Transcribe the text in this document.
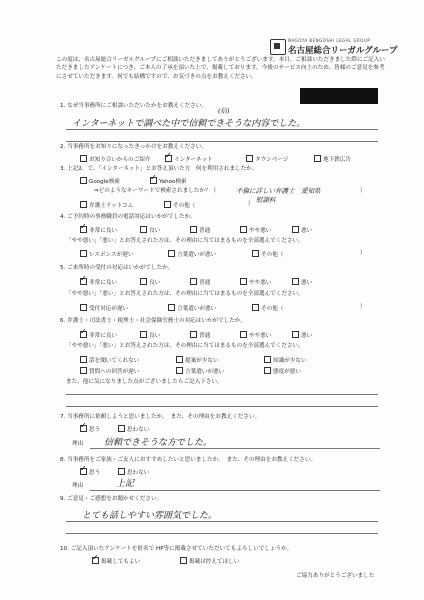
NAGOYA BENGOSHI LEGAL GROUP
名古屋総合リーガルグループ
この度は、名古屋総合リーガルグループにご相談いただきましてありがとうございます。本日、ご相談いただきました際にご記入いただきましたアンケートにつき、ご本人の了承を頂いた上で、掲載しております。今後のサービス向上のため、皆様のご意見を参考にさせていただきます。何でも結構ですので、お気づきの点をお教えください。
1. なぜ当事務所にご相談いただいたかをお教えください。
(信)
インターネットで調べた中で信頼できそうな内容でした。
2. 当事務所をお知りになったきっかけをお教えください。
お知り合いからのご紹介 ✓	インターネット	タウンページ	地下鉄広告
3. 上記2．で、「インターネット」とお答え頂いた方　何を利用されましたか。
Google検索 ✓	Yahoo検索
⇒どのようなキーワードで検索されましたか？（	不倫に詳しい弁護士　愛知県
慰謝料
）
弁護士ドットコム	その他（	）
4. ご予約時の事務職員の電話対応はいかがでしたか。
✓非常に良い	良い	普通	やや悪い	悪い
「やや悪い」「悪い」とお答えされた方は、その理由に当てはまるものを全部選んでください。
レスポンスが遅い	言葉遣いが悪い	その他（	）
5. ご来所時の受付の対応はいかがでしたか。
✓非常に良い	良い	普通	やや悪い	悪い
「やや悪い」「悪い」とお答えされた方は、その理由に当てはまるものを全部選んでください。
受付対応が遅い	言葉遣いが悪い	その他（	）
6. 弁護士・司法書士・税理士・社会保険労務士の対応はいかがでしたか。
✓非常に良い	良い	普通	やや悪い	悪い
「やや悪い」「悪い」とお答えされた方は、その理由に当てはまるものを全部選んでください。
話を聞いてくれない	提案が少ない	知識が少ない
質問への回答が遅い	言葉遣いが悪い	態度が悪い
また、他に気になりました点がございましたらご記入下さい。
7. 当事務所に依頼しようと思いましたか。　また、その理由をお教えください。
✓思う	思わない
理由 信頼できそうな方でした。
8. 当事務所をご家族・ご友人におすすめしたいと思いましたか。　また、その理由をお教えください。
✓思う	思わない
理由	上記
9. ご意見・ご感想をお聞かせください。
とても話しやすい雰囲気でした。
10. ご記入頂いたアンケートを匿名で HP等に掲載させていただいてもよろしいでしょうか。
✓掲載してもよい	掲載は控えてほしい
ご協力ありがとうございました
